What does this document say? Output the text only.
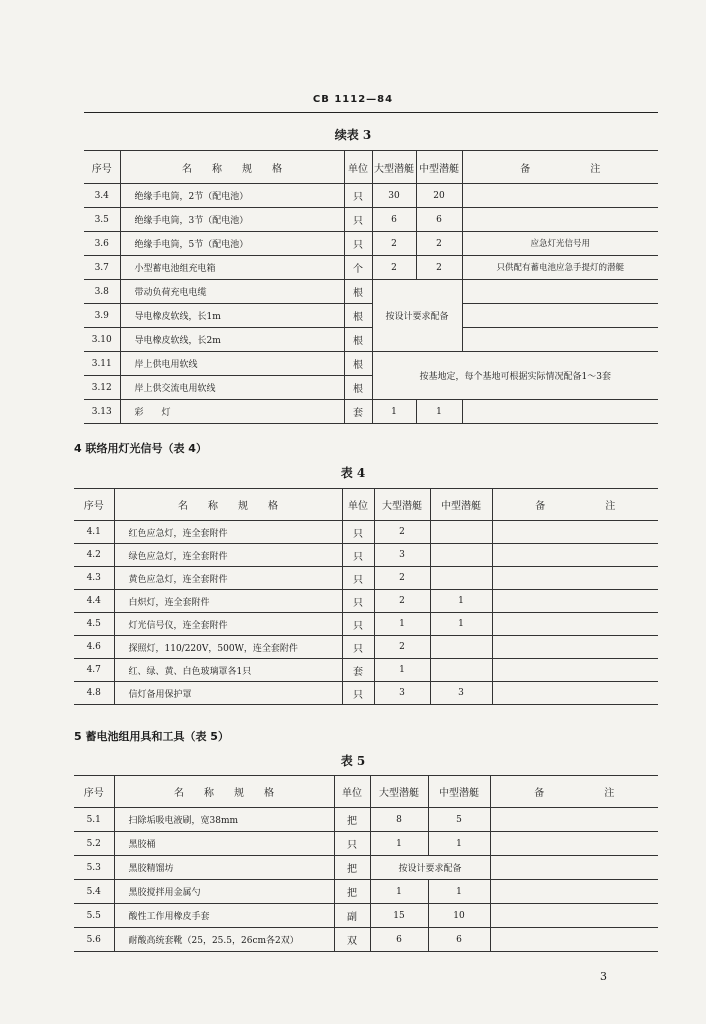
CB 1112—84
续表 3
序号	名　　称　　规　　格	单位	大型潜艇	中型潜艇	备　　　　　　注
3.4	绝缘手电筒，2节（配电池）	只	30	20	
3.5	绝缘手电筒，3节（配电池）	只	6	6	
3.6	绝缘手电筒，5节（配电池）	只	2	2	应急灯光信号用
3.7	小型蓄电池组充电箱	个	2	2	只供配有蓄电池应急手提灯的潜艇
3.8	带动负荷充电电缆	根	按设计要求配备		
3.9	导电橡皮软线，长1m	根			
3.10	导电橡皮软线，长2m	根			
3.11	岸上供电用软线	根	按基地定，每个基地可根据实际情况配备1～3套		
3.12	岸上供交流电用软线	根			
3.13	彩　　灯	套	1	1	
4 联络用灯光信号（表 4）
表 4
序号	名　　称　　规　　格	单位	大型潜艇	中型潜艇	备　　　　　　注
4.1	红色应急灯，连全套附件	只	2		
4.2	绿色应急灯，连全套附件	只	3		
4.3	黄色应急灯，连全套附件	只	2		
4.4	白炽灯，连全套附件	只	2	1	
4.5	灯光信号仪，连全套附件	只	1	1	
4.6	探照灯，110/220V，500W，连全套附件	只	2		
4.7	红、绿、黄、白色玻璃罩各1只	套	1		
4.8	信灯备用保护罩	只	3	3	
5 蓄电池组用具和工具（表 5）
表 5
序号	名　　称　　规　　格	单位	大型潜艇	中型潜艇	备　　　　　　注
5.1	扫除垢吸电液刷，宽38mm	把	8	5	
5.2	黑胶桶	只	1	1	
5.3	黑胶精馏坊	把	按设计要求配备		
5.4	黑胶搅拌用金属勺	把	1	1	
5.5	酸性工作用橡皮手套	副	15	10	
5.6	耐酸高统套靴（25，25.5，26cm各2双）	双	6	6	
3
